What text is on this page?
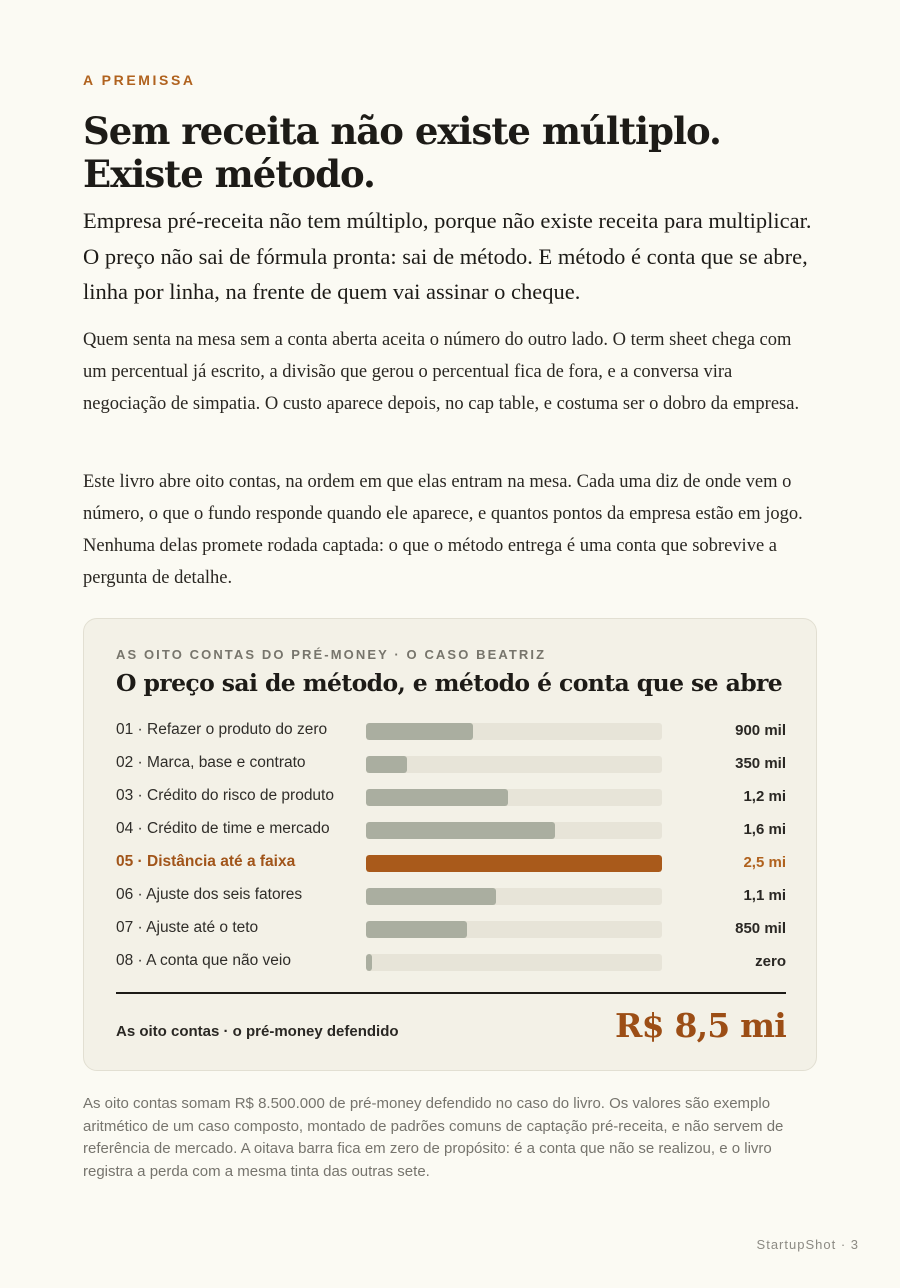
A PREMISSA
Sem receita não existe múltiplo. Existe método.

Empresa pré-receita não tem múltiplo, porque não existe receita para multiplicar. O preço não sai de fórmula pronta: sai de método. E método é conta que se abre, linha por linha, na frente de quem vai assinar o cheque.

Quem senta na mesa sem a conta aberta aceita o número do outro lado. O term sheet chega com um percentual já escrito, a divisão que gerou o percentual fica de fora, e a conversa vira negociação de simpatia. O custo aparece depois, no cap table, e costuma ser o dobro da empresa.

Este livro abre oito contas, na ordem em que elas entram na mesa. Cada uma diz de onde vem o número, o que o fundo responde quando ele aparece, e quantos pontos da empresa estão em jogo. Nenhuma delas promete rodada captada: o que o método entrega é uma conta que sobrevive a pergunta de detalhe.

AS OITO CONTAS DO PRÉ-MONEY · O CASO BEATRIZ
O preço sai de método, e método é conta que se abre
01 · Refazer o produto do zero	900 mil
02 · Marca, base e contrato	350 mil
03 · Crédito do risco de produto	1,2 mi
04 · Crédito de time e mercado	1,6 mi
05 · Distância até a faixa	2,5 mi
06 · Ajuste dos seis fatores	1,1 mi
07 · Ajuste até o teto	850 mil
08 · A conta que não veio	zero
As oito contas · o pré-money defendido	R$ 8,5 mi

As oito contas somam R$ 8.500.000 de pré-money defendido no caso do livro. Os valores são exemplo aritmético de um caso composto, montado de padrões comuns de captação pré-receita, e não servem de referência de mercado. A oitava barra fica em zero de propósito: é a conta que não se realizou, e o livro registra a perda com a mesma tinta das outras sete.

StartupShot · 3
